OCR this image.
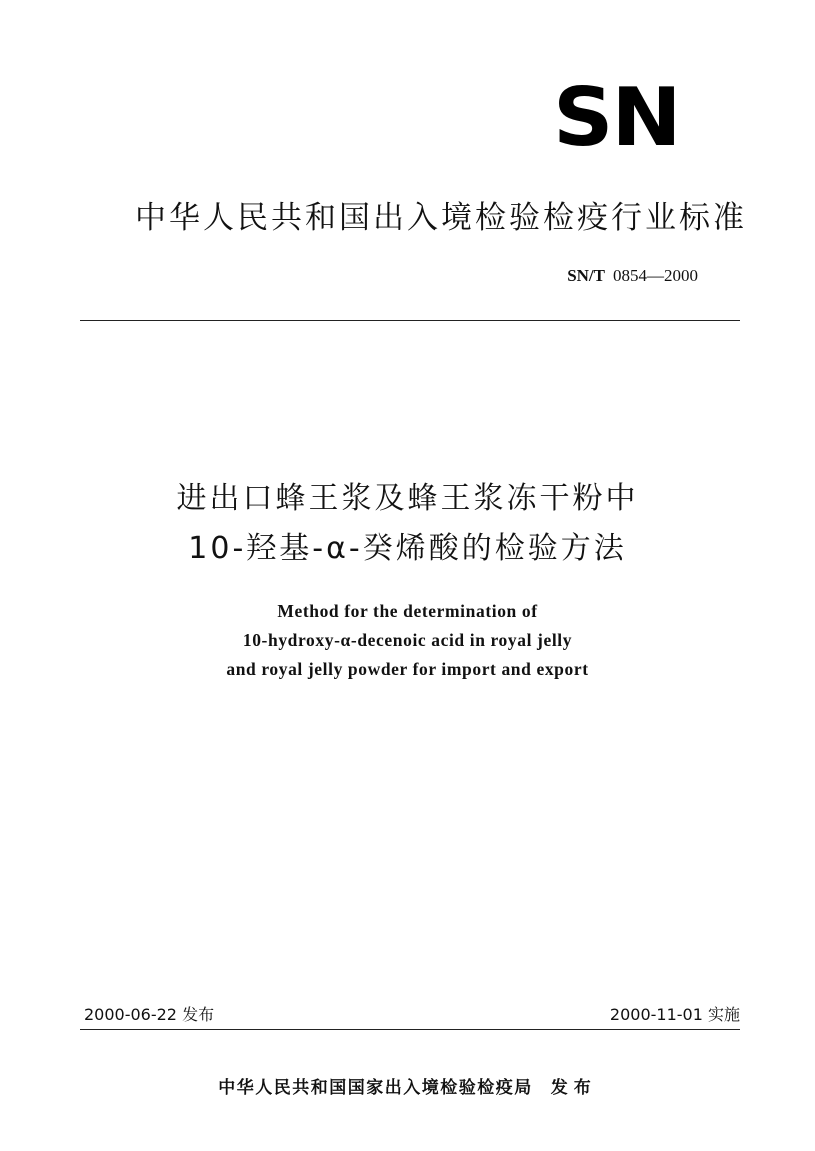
SN
中华人民共和国出入境检验检疫行业标准
SN/T 0854—2000
进出口蜂王浆及蜂王浆冻干粉中
10-羟基-α-癸烯酸的检验方法
Method for the determination of
10-hydroxy-α-decenoic acid in royal jelly
and royal jelly powder for import and export
2000-06-22 发布	2000-11-01 实施
中华人民共和国国家出入境检验检疫局 发布
